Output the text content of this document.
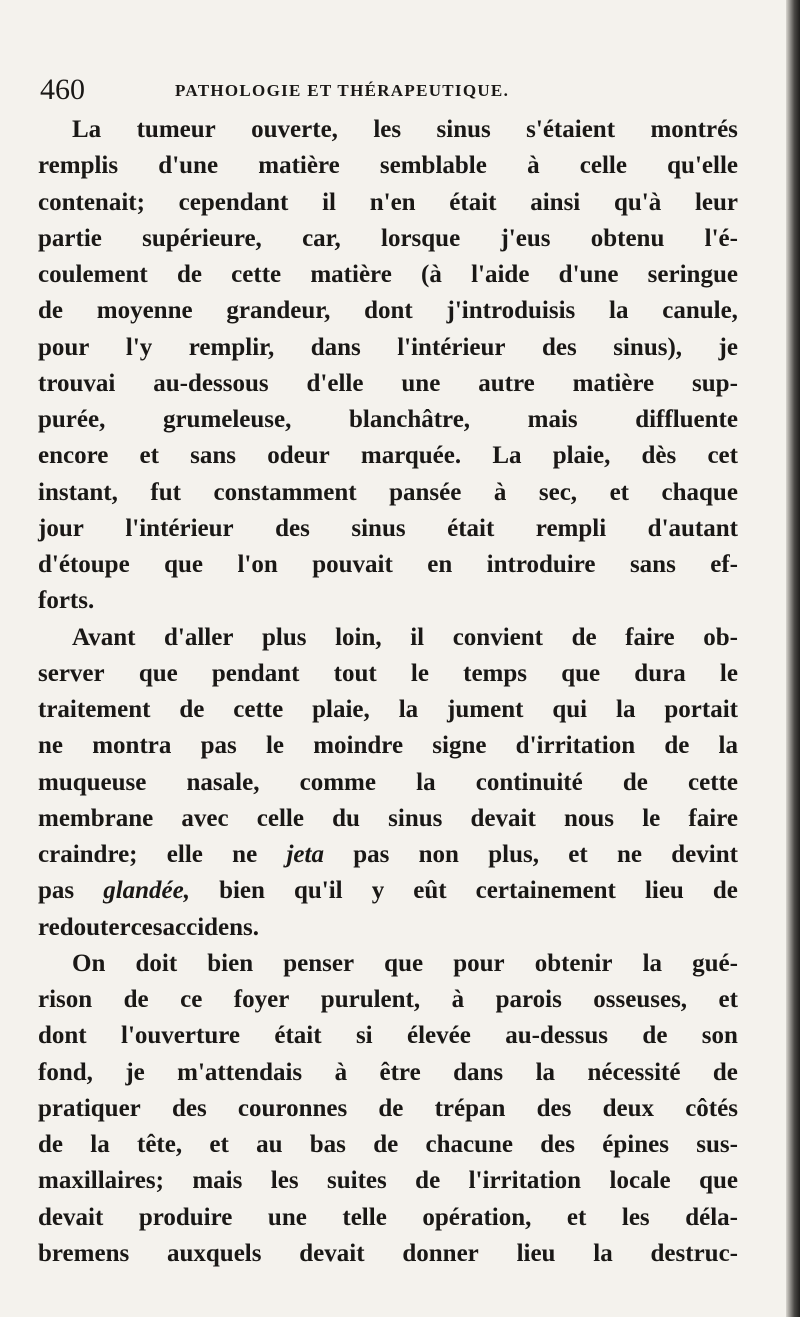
460	PATHOLOGIE ET THÉRAPEUTIQUE.
La tumeur ouverte, les sinus s'étaient montrés
remplis d'une matière semblable à celle qu'elle
contenait; cependant il n'en était ainsi qu'à leur
partie supérieure, car, lorsque j'eus obtenu l'é-
coulement de cette matière (à l'aide d'une seringue
de moyenne grandeur, dont j'introduisis la canule,
pour l'y remplir, dans l'intérieur des sinus), je
trouvai au-dessous d'elle une autre matière sup-
purée, grumeleuse, blanchâtre, mais diffluente
encore et sans odeur marquée. La plaie, dès cet
instant, fut constamment pansée à sec, et chaque
jour l'intérieur des sinus était rempli d'autant
d'étoupe que l'on pouvait en introduire sans ef-
forts.
Avant d'aller plus loin, il convient de faire ob-
server que pendant tout le temps que dura le
traitement de cette plaie, la jument qui la portait
ne montra pas le moindre signe d'irritation de la
muqueuse nasale, comme la continuité de cette
membrane avec celle du sinus devait nous le faire
craindre; elle ne jeta pas non plus, et ne devint
pas glandée, bien qu'il y eût certainement lieu de
redouter ces accidens.
On doit bien penser que pour obtenir la gué-
rison de ce foyer purulent, à parois osseuses, et
dont l'ouverture était si élevée au-dessus de son
fond, je m'attendais à être dans la nécessité de
pratiquer des couronnes de trépan des deux côtés
de la tête, et au bas de chacune des épines sus-
maxillaires; mais les suites de l'irritation locale que
devait produire une telle opération, et les déla-
bremens auxquels devait donner lieu la destruc-
